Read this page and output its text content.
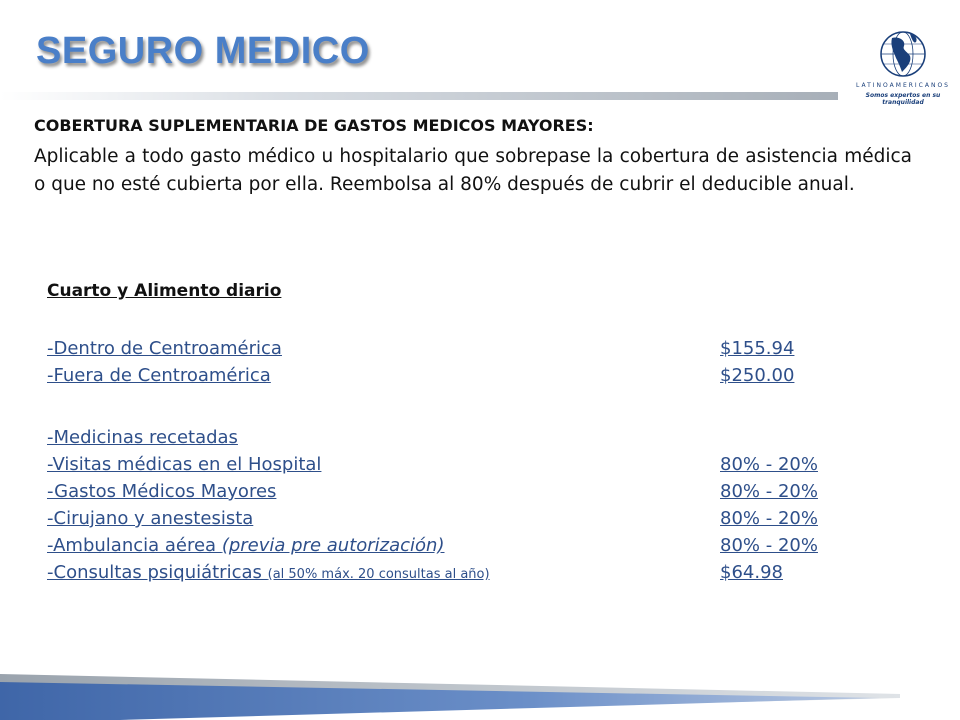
SEGURO MEDICO
LATINOAMERICANOS
Somos expertos en su tranquilidad
COBERTURA SUPLEMENTARIA DE GASTOS MEDICOS MAYORES:

Aplicable a todo gasto médico u hospitalario que sobrepase la cobertura de asistencia médica o que no esté cubierta por ella. Reembolsa al 80% después de cubrir el deducible anual.

Cuarto y Alimento diario
-Dentro de Centroamérica	$155.94
-Fuera de Centroamérica	$250.00
-Medicinas recetadas
-Visitas médicas en el Hospital	80% - 20%
-Gastos Médicos Mayores	80% - 20%
-Cirujano y anestesista	80% - 20%
-Ambulancia aérea (previa pre autorización)	80% - 20%
-Consultas psiquiátricas (al 50% máx. 20 consultas al año)	$64.98
